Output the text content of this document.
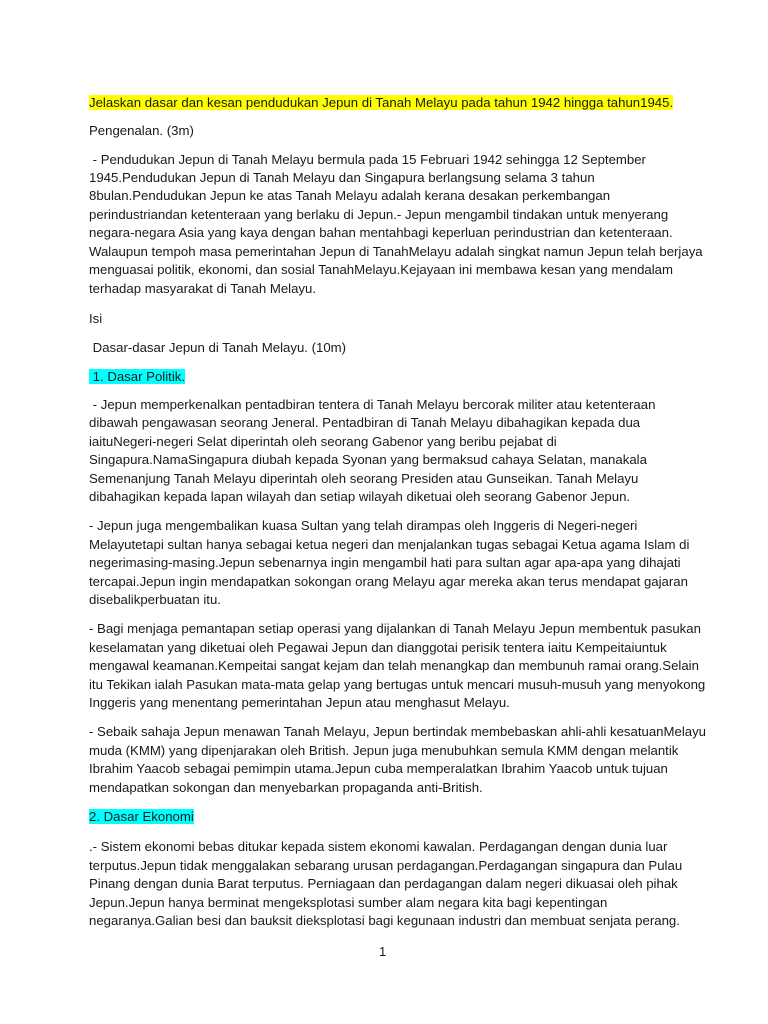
Jelaskan dasar dan kesan pendudukan Jepun di Tanah Melayu pada tahun 1942 hingga tahun1945.
Pengenalan. (3m)
- Pendudukan Jepun di Tanah Melayu bermula pada 15 Februari 1942 sehingga 12 September
1945.Pendudukan Jepun di Tanah Melayu dan Singapura berlangsung selama 3 tahun
8bulan.Pendudukan Jepun ke atas Tanah Melayu adalah kerana desakan perkembangan
perindustriandan ketenteraan yang berlaku di Jepun.- Jepun mengambil tindakan untuk menyerang
negara-negara Asia yang kaya dengan bahan mentahbagi keperluan perindustrian dan ketenteraan.
Walaupun tempoh masa pemerintahan Jepun di TanahMelayu adalah singkat namun Jepun telah berjaya
menguasai politik, ekonomi, dan sosial TanahMelayu.Kejayaan ini membawa kesan yang mendalam
terhadap masyarakat di Tanah Melayu.
Isi
Dasar-dasar Jepun di Tanah Melayu. (10m)
1. Dasar Politik.
- Jepun memperkenalkan pentadbiran tentera di Tanah Melayu bercorak militer atau ketenteraan
dibawah pengawasan seorang Jeneral. Pentadbiran di Tanah Melayu dibahagikan kepada dua
iaituNegeri-negeri Selat diperintah oleh seorang Gabenor yang beribu pejabat di
Singapura.NamaSingapura diubah kepada Syonan yang bermaksud cahaya Selatan, manakala
Semenanjung Tanah Melayu diperintah oleh seorang Presiden atau Gunseikan. Tanah Melayu
dibahagikan kepada lapan wilayah dan setiap wilayah diketuai oleh seorang Gabenor Jepun.
- Jepun juga mengembalikan kuasa Sultan yang telah dirampas oleh Inggeris di Negeri-negeri
Melayutetapi sultan hanya sebagai ketua negeri dan menjalankan tugas sebagai Ketua agama Islam di
negerimasing-masing.Jepun sebenarnya ingin mengambil hati para sultan agar apa-apa yang dihajati
tercapai.Jepun ingin mendapatkan sokongan orang Melayu agar mereka akan terus mendapat gajaran
disebalikperbuatan itu.
- Bagi menjaga pemantapan setiap operasi yang dijalankan di Tanah Melayu Jepun membentuk pasukan
keselamatan yang diketuai oleh Pegawai Jepun dan dianggotai perisik tentera iaitu Kempeitaiuntuk
mengawal keamanan.Kempeitai sangat kejam dan telah menangkap dan membunuh ramai orang.Selain
itu Tekikan ialah Pasukan mata-mata gelap yang bertugas untuk mencari musuh-musuh yang menyokong
Inggeris yang menentang pemerintahan Jepun atau menghasut Melayu.
- Sebaik sahaja Jepun menawan Tanah Melayu, Jepun bertindak membebaskan ahli-ahli kesatuanMelayu
muda (KMM) yang dipenjarakan oleh British. Jepun juga menubuhkan semula KMM dengan melantik
Ibrahim Yaacob sebagai pemimpin utama.Jepun cuba memperalatkan Ibrahim Yaacob untuk tujuan
mendapatkan sokongan dan menyebarkan propaganda anti-British.
2. Dasar Ekonomi
.- Sistem ekonomi bebas ditukar kepada sistem ekonomi kawalan. Perdagangan dengan dunia luar
terputus.Jepun tidak menggalakan sebarang urusan perdagangan.Perdagangan singapura dan Pulau
Pinang dengan dunia Barat terputus. Perniagaan dan perdagangan dalam negeri dikuasai oleh pihak
Jepun.Jepun hanya berminat mengeksplotasi sumber alam negara kita bagi kepentingan
negaranya.Galian besi dan bauksit dieksplotasi bagi kegunaan industri dan membuat senjata perang.
1
